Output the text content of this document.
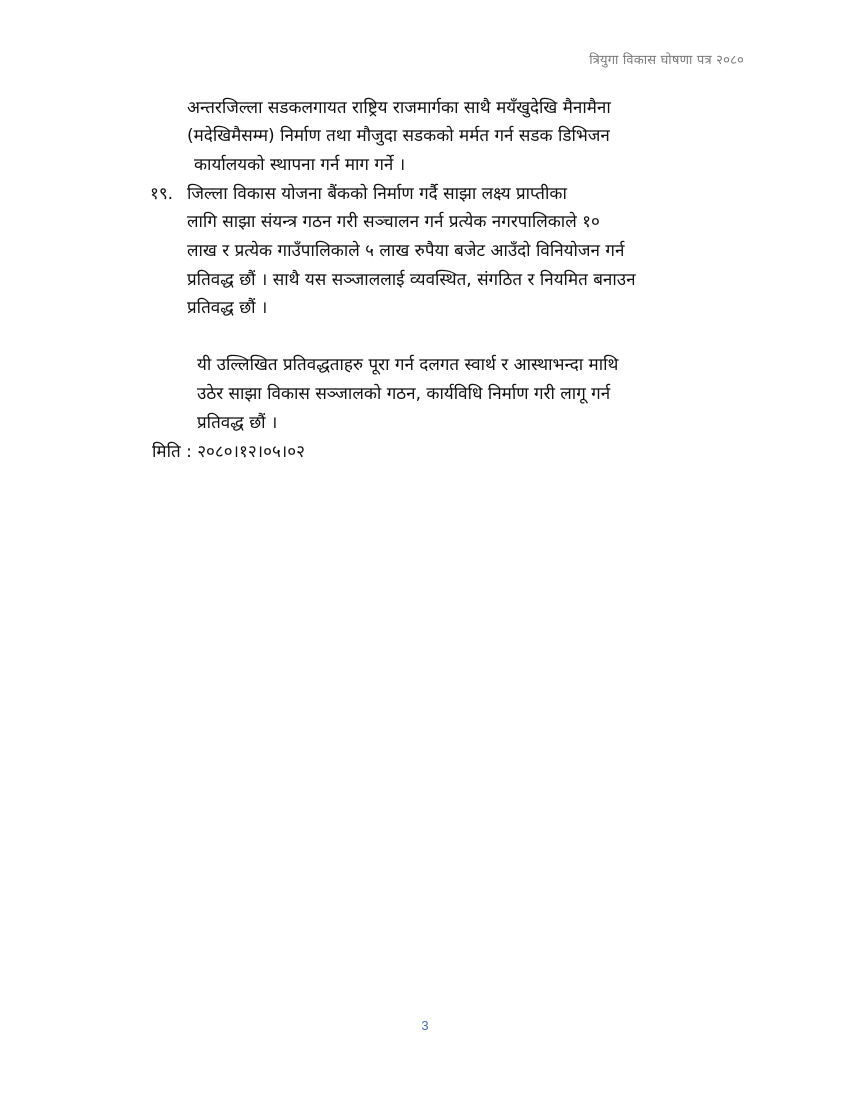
त्रियुगा विकास घोषणा पत्र २०८०
अन्तरजिल्ला सडकलगायत राष्ट्रिय राजमार्गका साथै मयँखुदेखि मैनामैना
(मदेखिमैसम्म) निर्माण तथा मौजुदा सडकको मर्मत गर्न सडक डिभिजन
कार्यालयको स्थापना गर्न माग गर्ने ।
१९. जिल्ला विकास योजना बैंकको निर्माण गर्दै साझा लक्ष्य प्राप्तीका
लागि साझा संयन्त्र गठन गरी सञ्चालन गर्न प्रत्येक नगरपालिकाले १०
लाख र प्रत्येक गाउँपालिकाले ५ लाख रुपैया बजेट आउँदो विनियोजन गर्न
प्रतिवद्ध छौं । साथै यस सञ्जाललाई व्यवस्थित, संगठित र नियमित बनाउन
प्रतिवद्ध छौं ।
यी उल्लिखित प्रतिवद्धताहरु पूरा गर्न दलगत स्वार्थ र आस्थाभन्दा माथि
उठेर साझा विकास सञ्जालको गठन, कार्यविधि निर्माण गरी लागू गर्न
प्रतिवद्ध छौं ।
मिति : २०८०।१२।०५।०२
3
